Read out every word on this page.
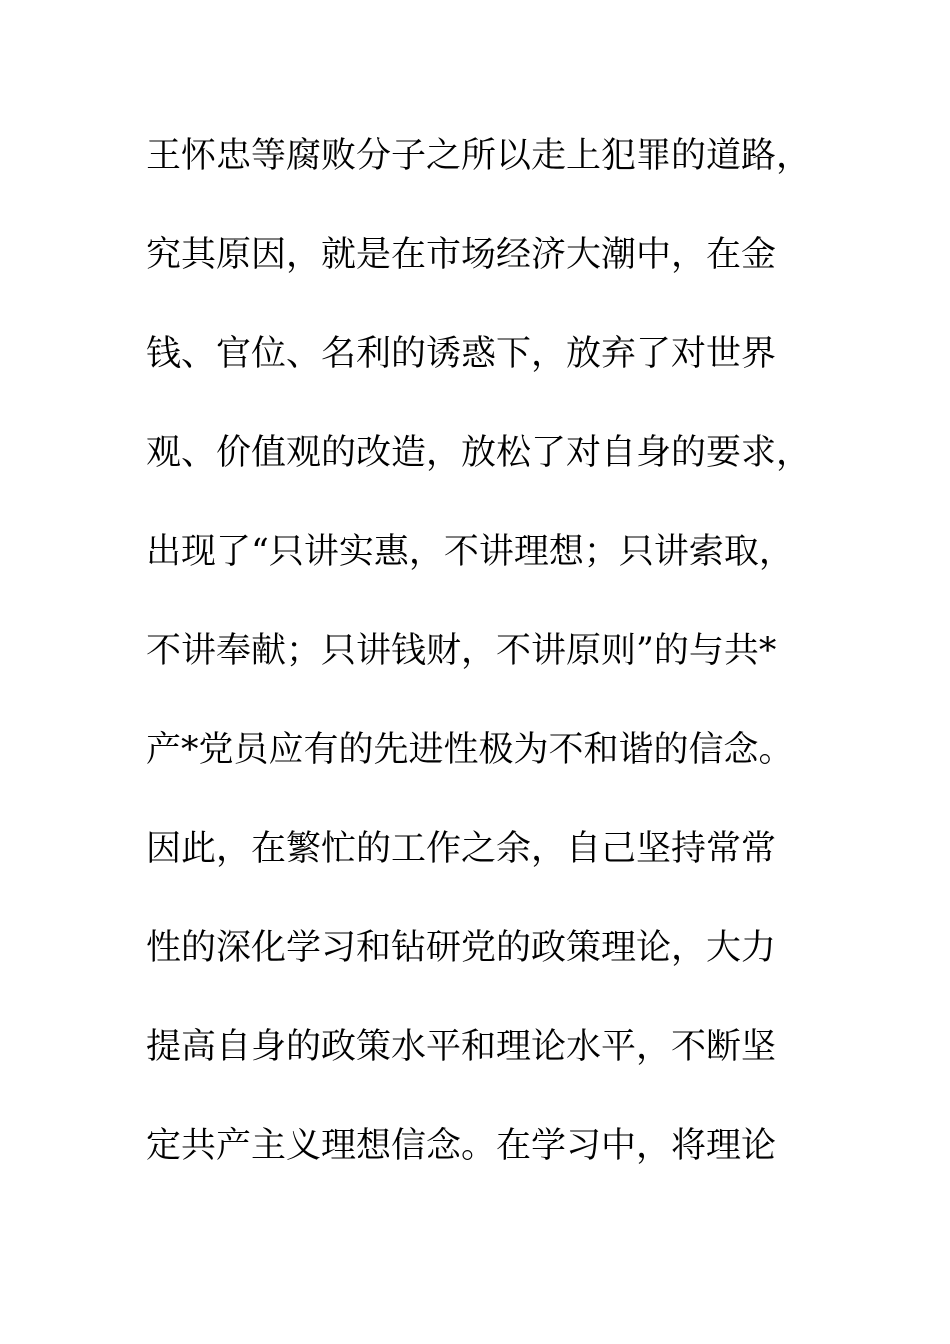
王怀忠等腐败分子之所以走上犯罪的道路，
究其原因，就是在市场经济大潮中，在金
钱、官位、名利的诱惑下，放弃了对世界
观、价值观的改造，放松了对自身的要求，
出现了“只讲实惠，不讲理想；只讲索取，
不讲奉献；只讲钱财，不讲原则”的与共*
产*党员应有的先进性极为不和谐的信念。
因此，在繁忙的工作之余，自己坚持常常
性的深化学习和钻研党的政策理论，大力
提高自身的政策水平和理论水平，不断坚
定共产主义理想信念。在学习中，将理论
